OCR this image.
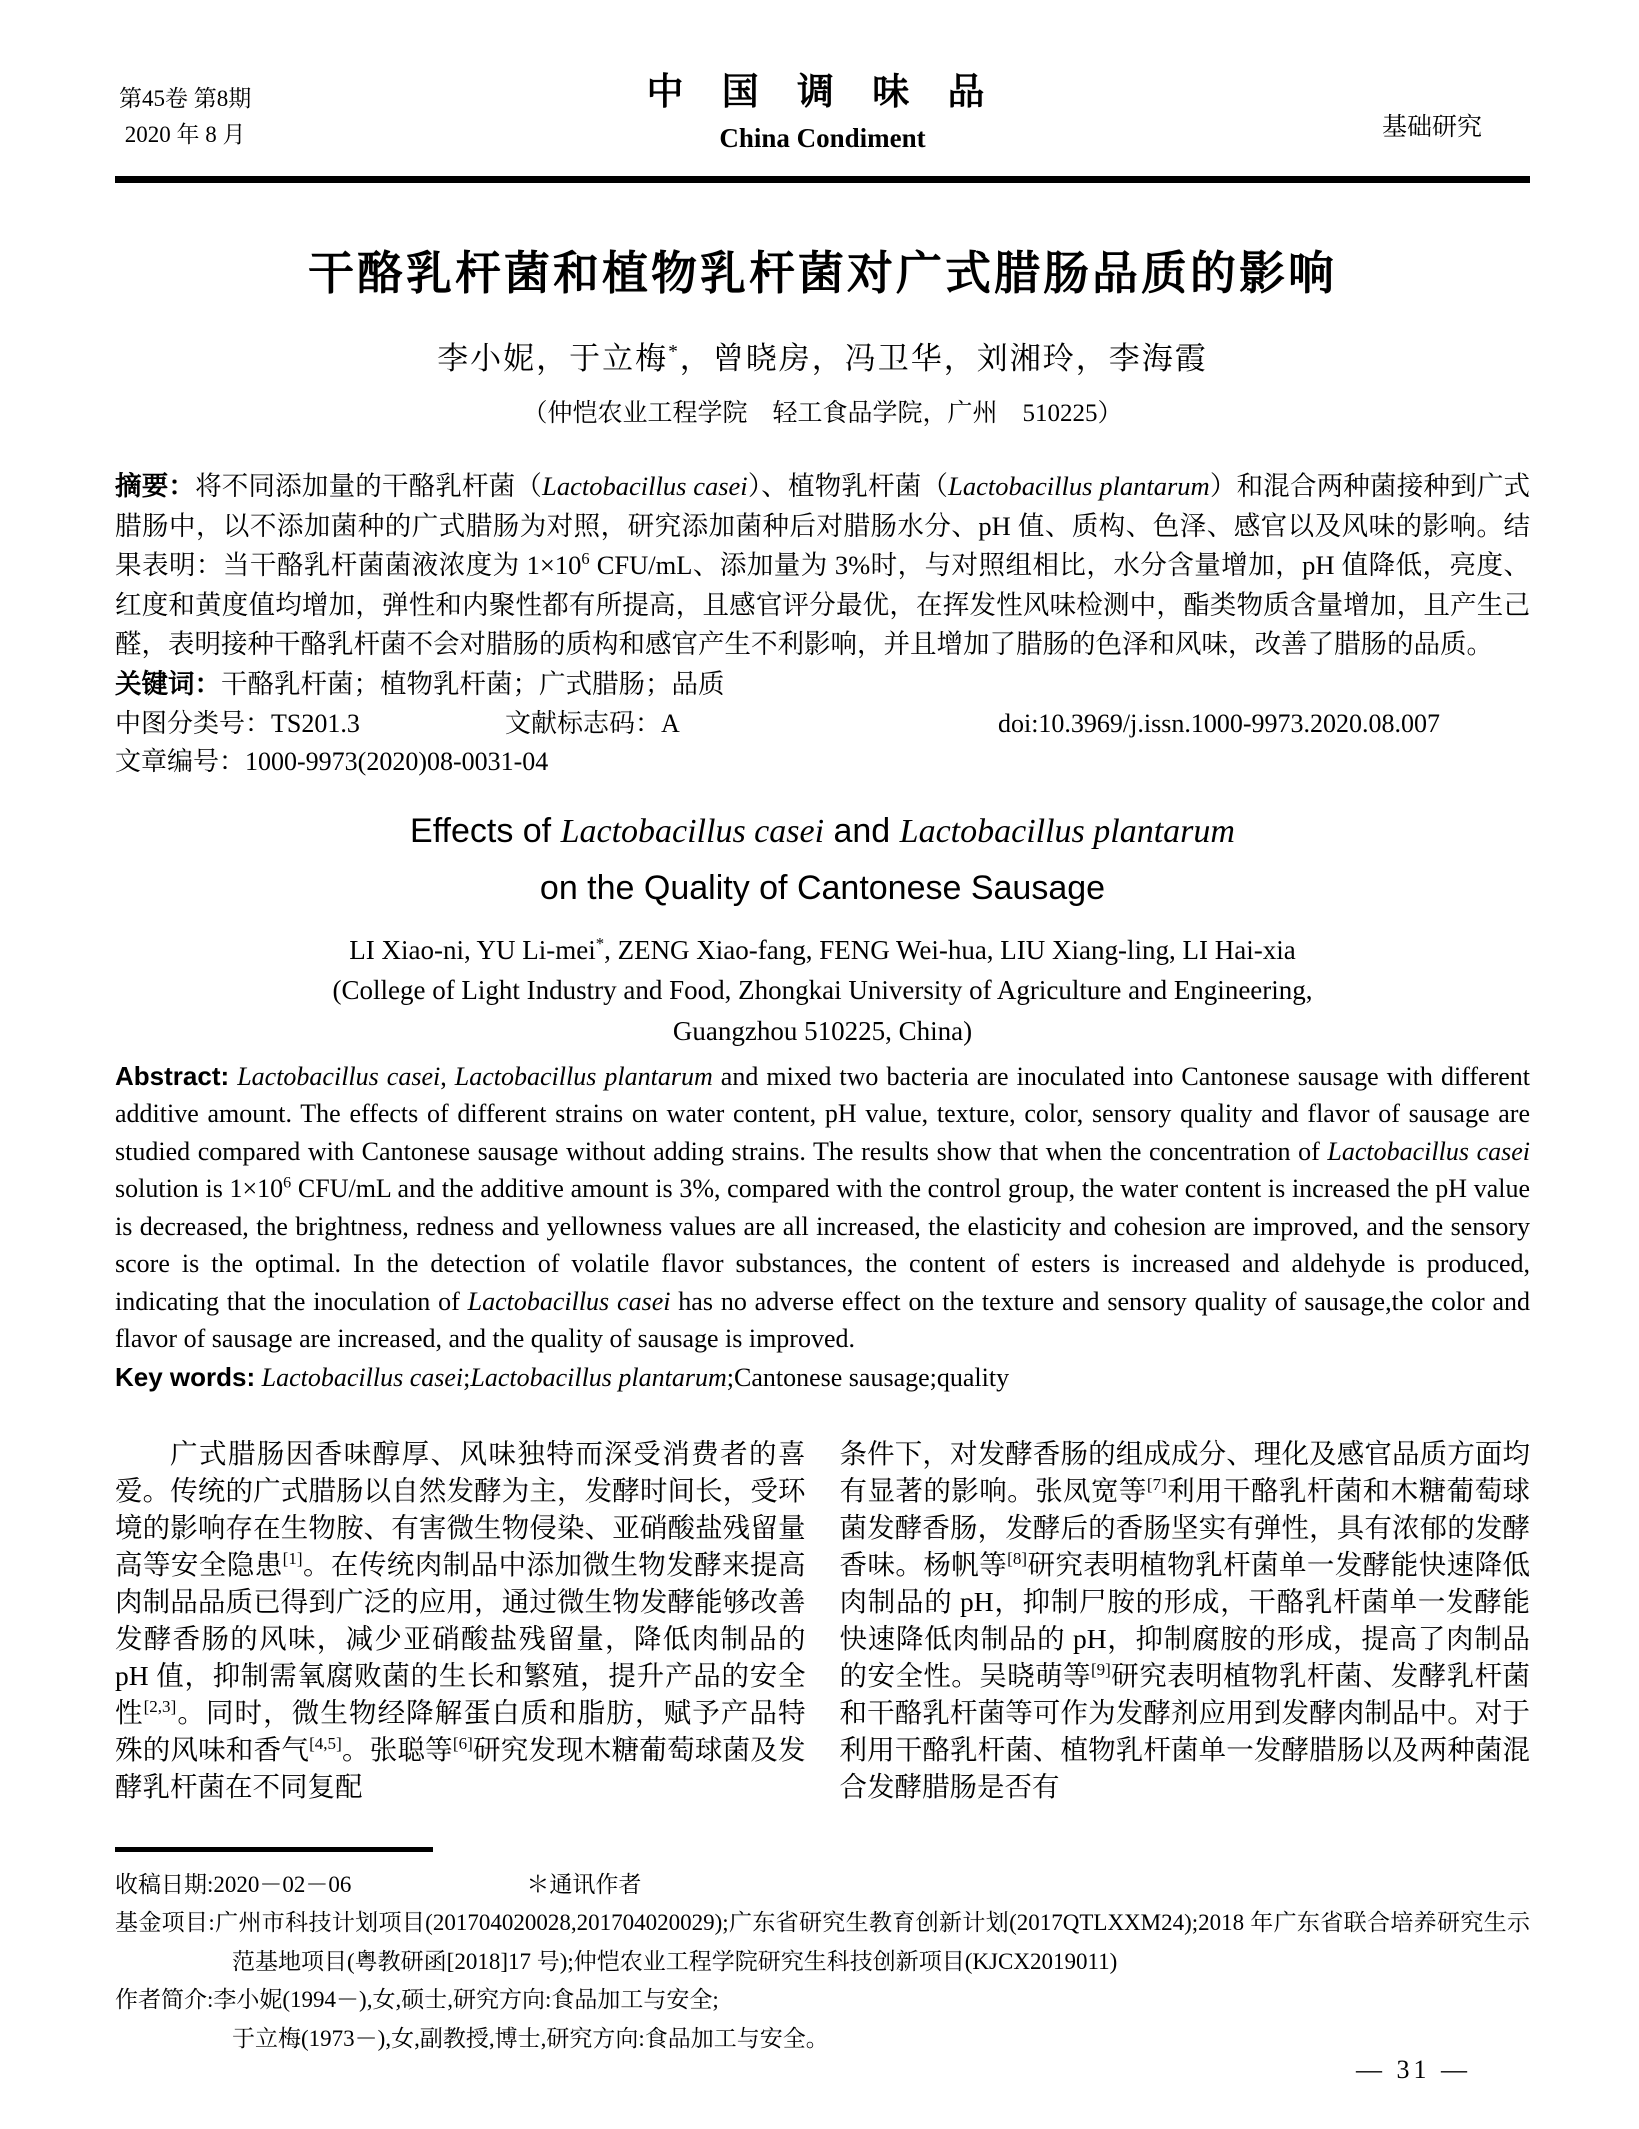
第45卷 第8期
2020 年 8 月
中 国 调 味 品
China Condiment	基础研究
干酪乳杆菌和植物乳杆菌对广式腊肠品质的影响
李小妮，于立梅*，曾晓房，冯卫华，刘湘玲，李海霞
（仲恺农业工程学院　轻工食品学院，广州　510225）

摘要：将不同添加量的干酪乳杆菌（Lactobacillus casei）、植物乳杆菌（Lactobacillus plantarum）和混合两种菌接种到广式腊肠中，以不添加菌种的广式腊肠为对照，研究添加菌种后对腊肠水分、pH 值、质构、色泽、感官以及风味的影响。结果表明：当干酪乳杆菌菌液浓度为 $1\times 10^6$ CFU/mL、添加量为 3%时，与对照组相比，水分含量增加，pH 值降低，亮度、红度和黄度值均增加，弹性和内聚性都有所提高，且感官评分最优，在挥发性风味检测中，酯类物质含量增加，且产生己醛，表明接种干酪乳杆菌不会对腊肠的质构和感官产生不利影响，并且增加了腊肠的色泽和风味，改善了腊肠的品质。

关键词：干酪乳杆菌；植物乳杆菌；广式腊肠；品质

中图分类号：TS201.3	文献标志码：A	doi:10.3969/j.issn.1000-9973.2020.08.007
文章编号：1000-9973(2020)08-0031-04
Effects of Lactobacillus casei and Lactobacillus plantarum
on the Quality of Cantonese Sausage
LI Xiao-ni, YU Li-mei*, ZENG Xiao-fang, FENG Wei-hua, LIU Xiang-ling, LI Hai-xia
(College of Light Industry and Food, Zhongkai University of Agriculture and Engineering,
Guangzhou 510225, China)

Abstract: Lactobacillus casei, Lactobacillus plantarum and mixed two bacteria are inoculated into Cantonese sausage with different additive amount. The effects of different strains on water content, pH value, texture, color, sensory quality and flavor of sausage are studied compared with Cantonese sausage without adding strains. The results show that when the concentration of Lactobacillus casei solution is $1\times 10^6$ CFU/mL and the additive amount is 3%, compared with the control group, the water content is increased the pH value is decreased, the brightness, redness and yellowness values are all increased, the elasticity and cohesion are improved, and the sensory score is the optimal. In the detection of volatile flavor substances, the content of esters is increased and aldehyde is produced, indicating that the inoculation of Lactobacillus casei has no adverse effect on the texture and sensory quality of sausage,the color and flavor of sausage are increased, and the quality of sausage is improved.

Key words: Lactobacillus casei;Lactobacillus plantarum;Cantonese sausage;quality

广式腊肠因香味醇厚、风味独特而深受消费者的喜爱。传统的广式腊肠以自然发酵为主，发酵时间长，受环境的影响存在生物胺、有害微生物侵染、亚硝酸盐残留量高等安全隐患[1]。在传统肉制品中添加微生物发酵来提高肉制品品质已得到广泛的应用，通过微生物发酵能够改善发酵香肠的风味，减少亚硝酸盐残留量，降低肉制品的 pH 值，抑制需氧腐败菌的生长和繁殖，提升产品的安全性[2,3]。同时，微生物经降解蛋白质和脂肪，赋予产品特殊的风味和香气[4,5]。张聪等[6]研究发现木糖葡萄球菌及发酵乳杆菌在不同复配

条件下，对发酵香肠的组成成分、理化及感官品质方面均有显著的影响。张凤宽等[7]利用干酪乳杆菌和木糖葡萄球菌发酵香肠，发酵后的香肠坚实有弹性，具有浓郁的发酵香味。杨帆等[8]研究表明植物乳杆菌单一发酵能快速降低肉制品的 pH，抑制尸胺的形成，干酪乳杆菌单一发酵能快速降低肉制品的 pH，抑制腐胺的形成，提高了肉制品的安全性。吴晓萌等[9]研究表明植物乳杆菌、发酵乳杆菌和干酪乳杆菌等可作为发酵剂应用到发酵肉制品中。对于利用干酪乳杆菌、植物乳杆菌单一发酵腊肠以及两种菌混合发酵腊肠是否有

收稿日期:2020－02－06	＊通讯作者
基金项目:广州市科技计划项目(201704020028,201704020029);广东省研究生教育创新计划(2017QTLXXM24);2018 年广东省联合培养研究生示范基地项目(粤教研函[2018]17 号);仲恺农业工程学院研究生科技创新项目(KJCX2019011)
作者简介:李小妮(1994－),女,硕士,研究方向:食品加工与安全;
于立梅(1973－),女,副教授,博士,研究方向:食品加工与安全。
— 31 —
